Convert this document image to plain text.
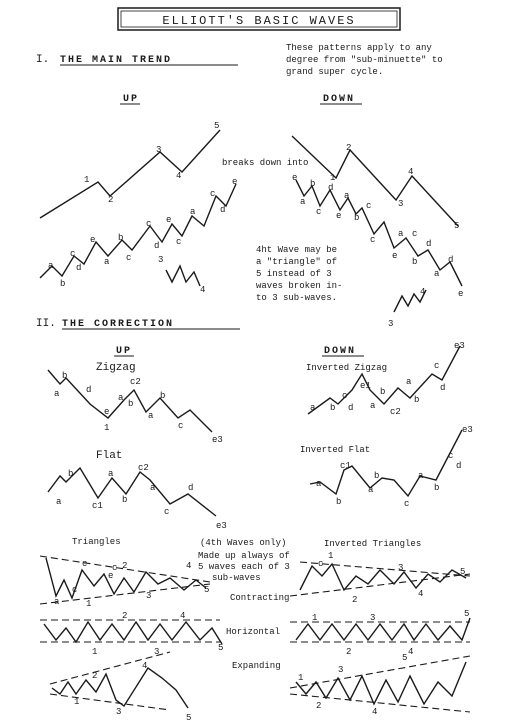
ELLIOTT'S BASIC WAVES
I. THE MAIN TREND
These patterns apply to any
degree from "sub-minuette" to
grand super cycle.
UP	DOWN
1
2
3
4
5
breaks down into
a
b
c
d
e
a
b
c
c
d
e
c
a
c
d
e
3
4
1
2
3
4
5
e
a
b
c
d
e
a
b
c
c
a
e
c
b
d
a
d
e
4ht Wave may be
a "triangle" of
5 instead of 3
waves broken in-
to 3 sub-waves.
3
4
II. THE CORRECTION
UP	DOWN
Zigzag	Inverted Zigzag
a
b
d
e
1
a
c2
b
a
b
c
e3
a b
c
d
e1
a
b
c2
a
b
c
d
e3
Flat
a
b
c1
a
b
c2
a
c
d
e3
Inverted Flat
a
b
c1
a
b
c
a
b
c
d
e3
Triangles	(4th Waves only)	Inverted Triangles
Made up always of
5 waves each of 3
sub-waves
a
c
c
1
e
c 2
3
4
5
Contracting
c
1
2
3
4
5
2
1	3
4
5
Horizontal
1
2
3
4
5
Expanding
1
2
3
4
5
1
2
3
4
5
